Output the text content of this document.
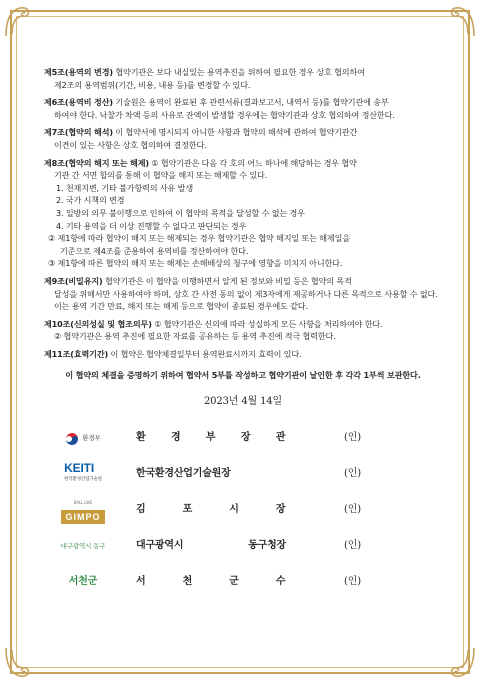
제5조(용역의 변경) 협약기관은 보다 내실있는 용역추진을 위하여 필요한 경우 상호 협의하여
제2조의 용역범위(기간, 비용, 내용 등)를 변경할 수 있다.

제6조(용역비 정산) 기술원은 용역이 완료된 후 관련서류(결과보고서, 내역서 등)를 협약기관에 송부
하여야 한다. 낙찰가 차액 등의 사유로 잔액이 발생할 경우에는 협약기관과 상호 협의하여 정산한다.

제7조(협약의 해석) 이 협약서에 명시되지 아니한 사항과 협약의 해석에 관하여 협약기관간
이견이 있는 사항은 상호 협의하여 결정한다.

제8조(협약의 해지 또는 해제) ① 협약기관은 다음 각 호의 어느 하나에 해당하는 경우 협약
기관 간 서면 합의를 통해 이 협약을 해지 또는 해제할 수 있다.
1. 천재지변, 기타 불가항력의 사유 발생
2. 국가 시책의 변경
3. 일방의 의무 불이행으로 인하여 이 협약의 목적을 달성할 수 없는 경우
4. 기타 용역을 더 이상 진행할 수 없다고 판단되는 경우
② 제1항에 따라 협약이 해지 또는 해제되는 경우 협약기관은 협약 해지일 또는 해제일을
기준으로 제4조를 준용하여 용역비를 정산하여야 한다.
③ 제1항에 따른 협약의 해지 또는 해제는 손해배상의 청구에 영향을 미치지 아니한다.

제9조(비밀유지) 협약기관은 이 협약을 이행하면서 알게 된 정보와 비밀 등은 협약의 목적
달성을 위해서만 사용하여야 하며, 상호 간 사전 동의 없이 제3자에게 제공하거나 다른 목적으로 사용할 수 없다. 이는 용역 기간 만료, 해지 또는 해제 등으로 협약이 종료된 경우에도 같다.

제10조(신의성실 및 협조의무) ① 협약기관은 신의에 따라 성실하게 모든 사항을 처리하여야 한다.
② 협약기관은 용역 추진에 필요한 자료를 공유하는 등 용역 추진에 적극 협력한다.

제11조(효력기간) 이 협약은 협약체결일부터 용역완료시까지 효력이 있다.

이 협약의 체결을 증명하기 위하여 협약서 5부를 작성하고 협약기관이 날인한 후 각각 1부씩 보관한다.

2023년 4월 14일
환경부	환 경 부 장 관	(인)
KEITI
한국환경산업기술원	한국환경산업기술원장	(인)
BALL LIKE
GIMPO
김 포 시 장	(인)
대구광역시 동구	대구광역시 동구청장	(인)
서천군	서 천 군 수	(인)
